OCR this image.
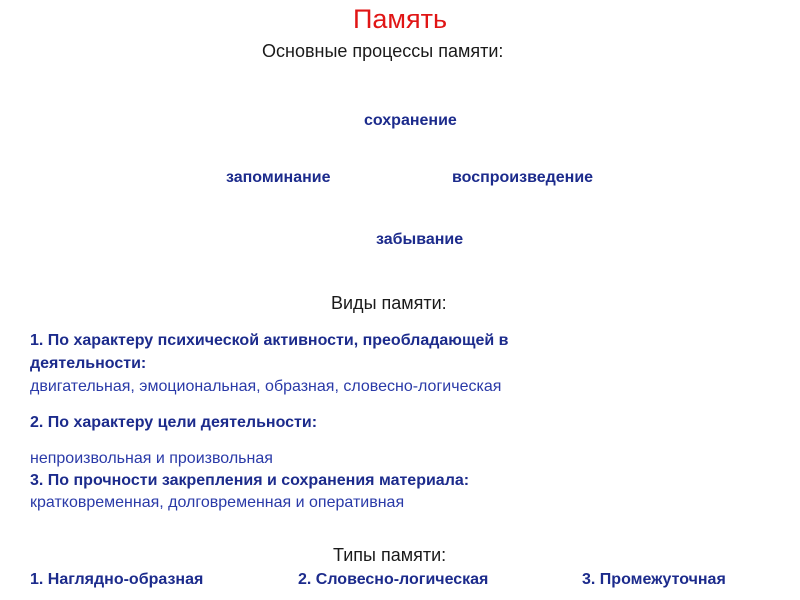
Память
Основные процессы памяти:
сохранение
запоминание	воспроизведение
забывание
Виды памяти:
1. По характеру психической активности, преобладающей в
деятельности:
двигательная, эмоциональная, образная, словесно-логическая
2. По характеру цели деятельности:
непроизвольная и произвольная
3. По прочности закрепления и сохранения материала:
кратковременная, долговременная и оперативная
Типы памяти:
1. Наглядно-образная	2. Словесно-логическая	3. Промежуточная
